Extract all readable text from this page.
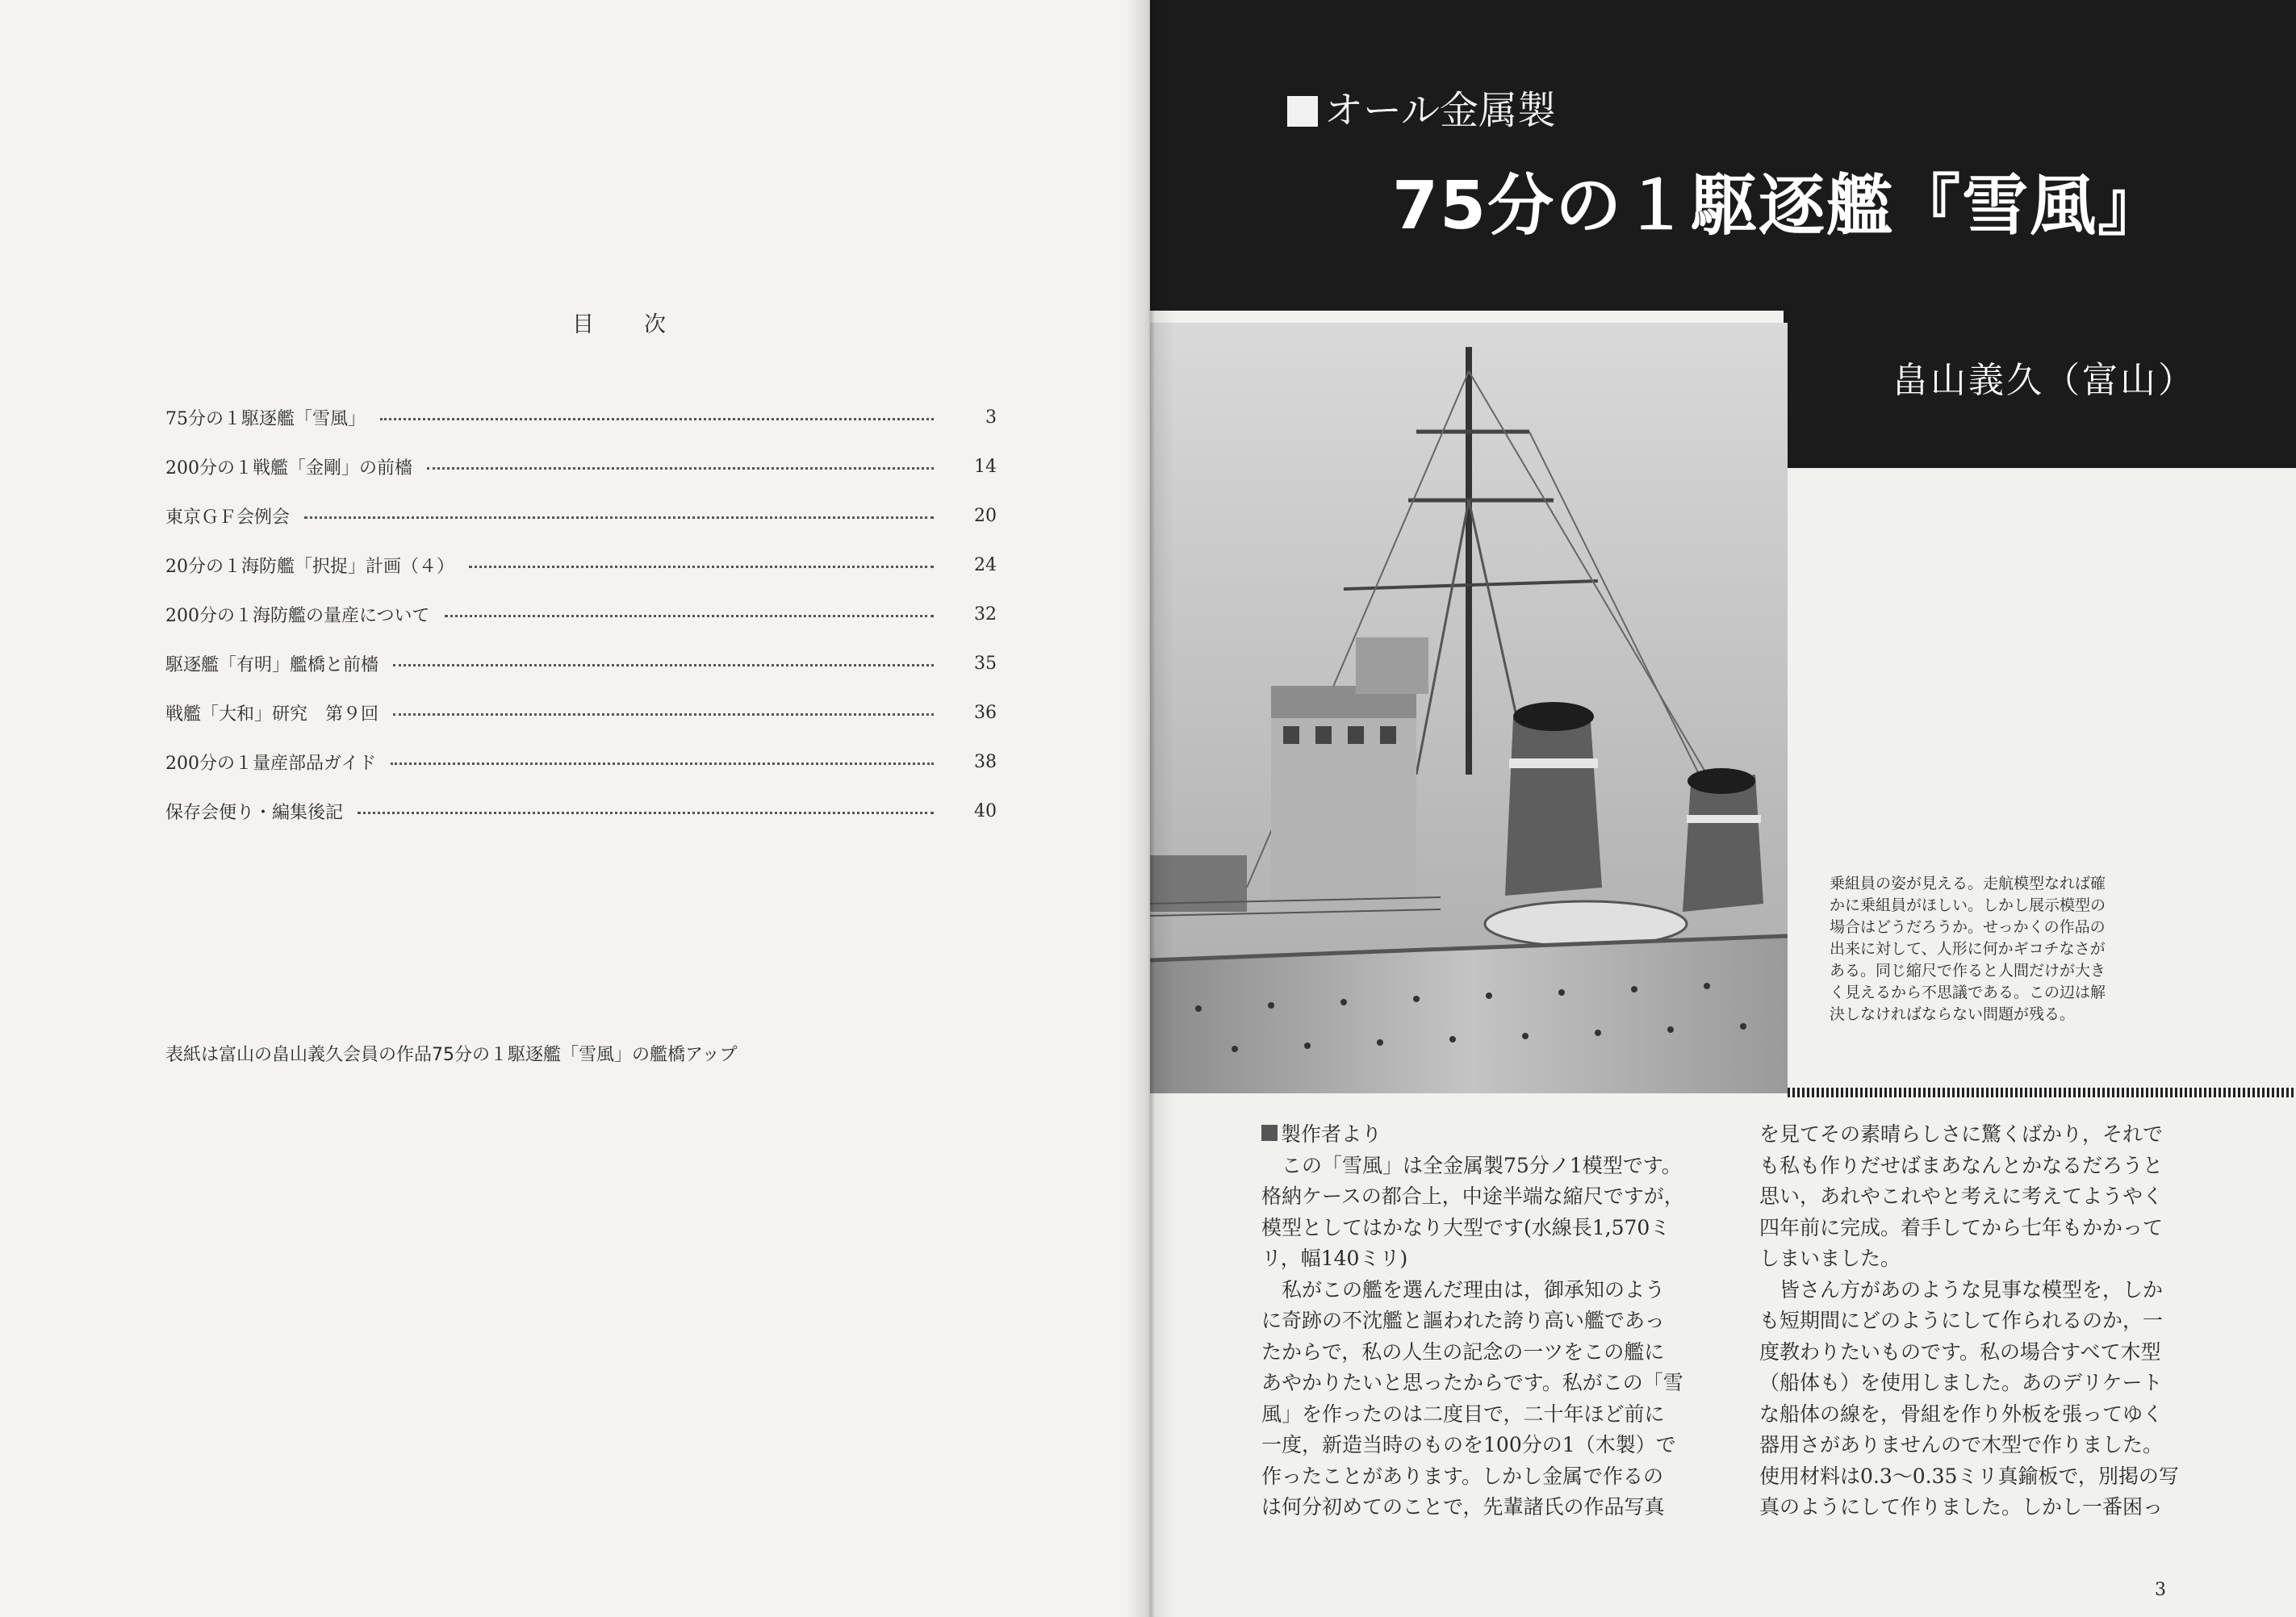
目 次
75分の１駆逐艦「雪風」	3
200分の１戦艦「金剛」の前檣	14
東京ＧＦ会例会	20
20分の１海防艦「択捉」計画（４）	24
200分の１海防艦の量産について	32
駆逐艦「有明」艦橋と前檣	35
戦艦「大和」研究　第９回	36
200分の１量産部品ガイド	38
保存会便り・編集後記	40
表紙は富山の畠山義久会員の作品75分の１駆逐艦「雪風」の艦橋アップ
オール金属製
75分の１駆逐艦『雪風』
畠山義久（富山）

乗組員の姿が見える。走航模型なれば確

かに乗組員がほしい。しかし展示模型の

場合はどうだろうか。せっかくの作品の

出来に対して、人形に何かギコチなさが

ある。同じ縮尺で作ると人間だけが大き

く見えるから不思議である。この辺は解

決しなければならない問題が残る。

製作者より

　この「雪風」は全金属製75分ノ1模型です。

格納ケースの都合上，中途半端な縮尺ですが，

模型としてはかなり大型です(水線長1,570ミ

リ，幅140ミリ)

　私がこの艦を選んだ理由は，御承知のよう

に奇跡の不沈艦と謳われた誇り高い艦であっ

たからで，私の人生の記念の一ツをこの艦に

あやかりたいと思ったからです。私がこの「雪

風」を作ったのは二度目で，二十年ほど前に

一度，新造当時のものを100分の1（木製）で

作ったことがあります。しかし金属で作るの

は何分初めてのことで，先輩諸氏の作品写真

を見てその素晴らしさに驚くばかり，それで

も私も作りだせばまあなんとかなるだろうと

思い，あれやこれやと考えに考えてようやく

四年前に完成。着手してから七年もかかって

しまいました。

　皆さん方があのような見事な模型を，しか

も短期間にどのようにして作られるのか，一

度教わりたいものです。私の場合すべて木型

（船体も）を使用しました。あのデリケート

な船体の線を，骨組を作り外板を張ってゆく

器用さがありませんので木型で作りました。

使用材料は0.3～0.35ミリ真鍮板で，別掲の写

真のようにして作りました。しかし一番困っ

3
